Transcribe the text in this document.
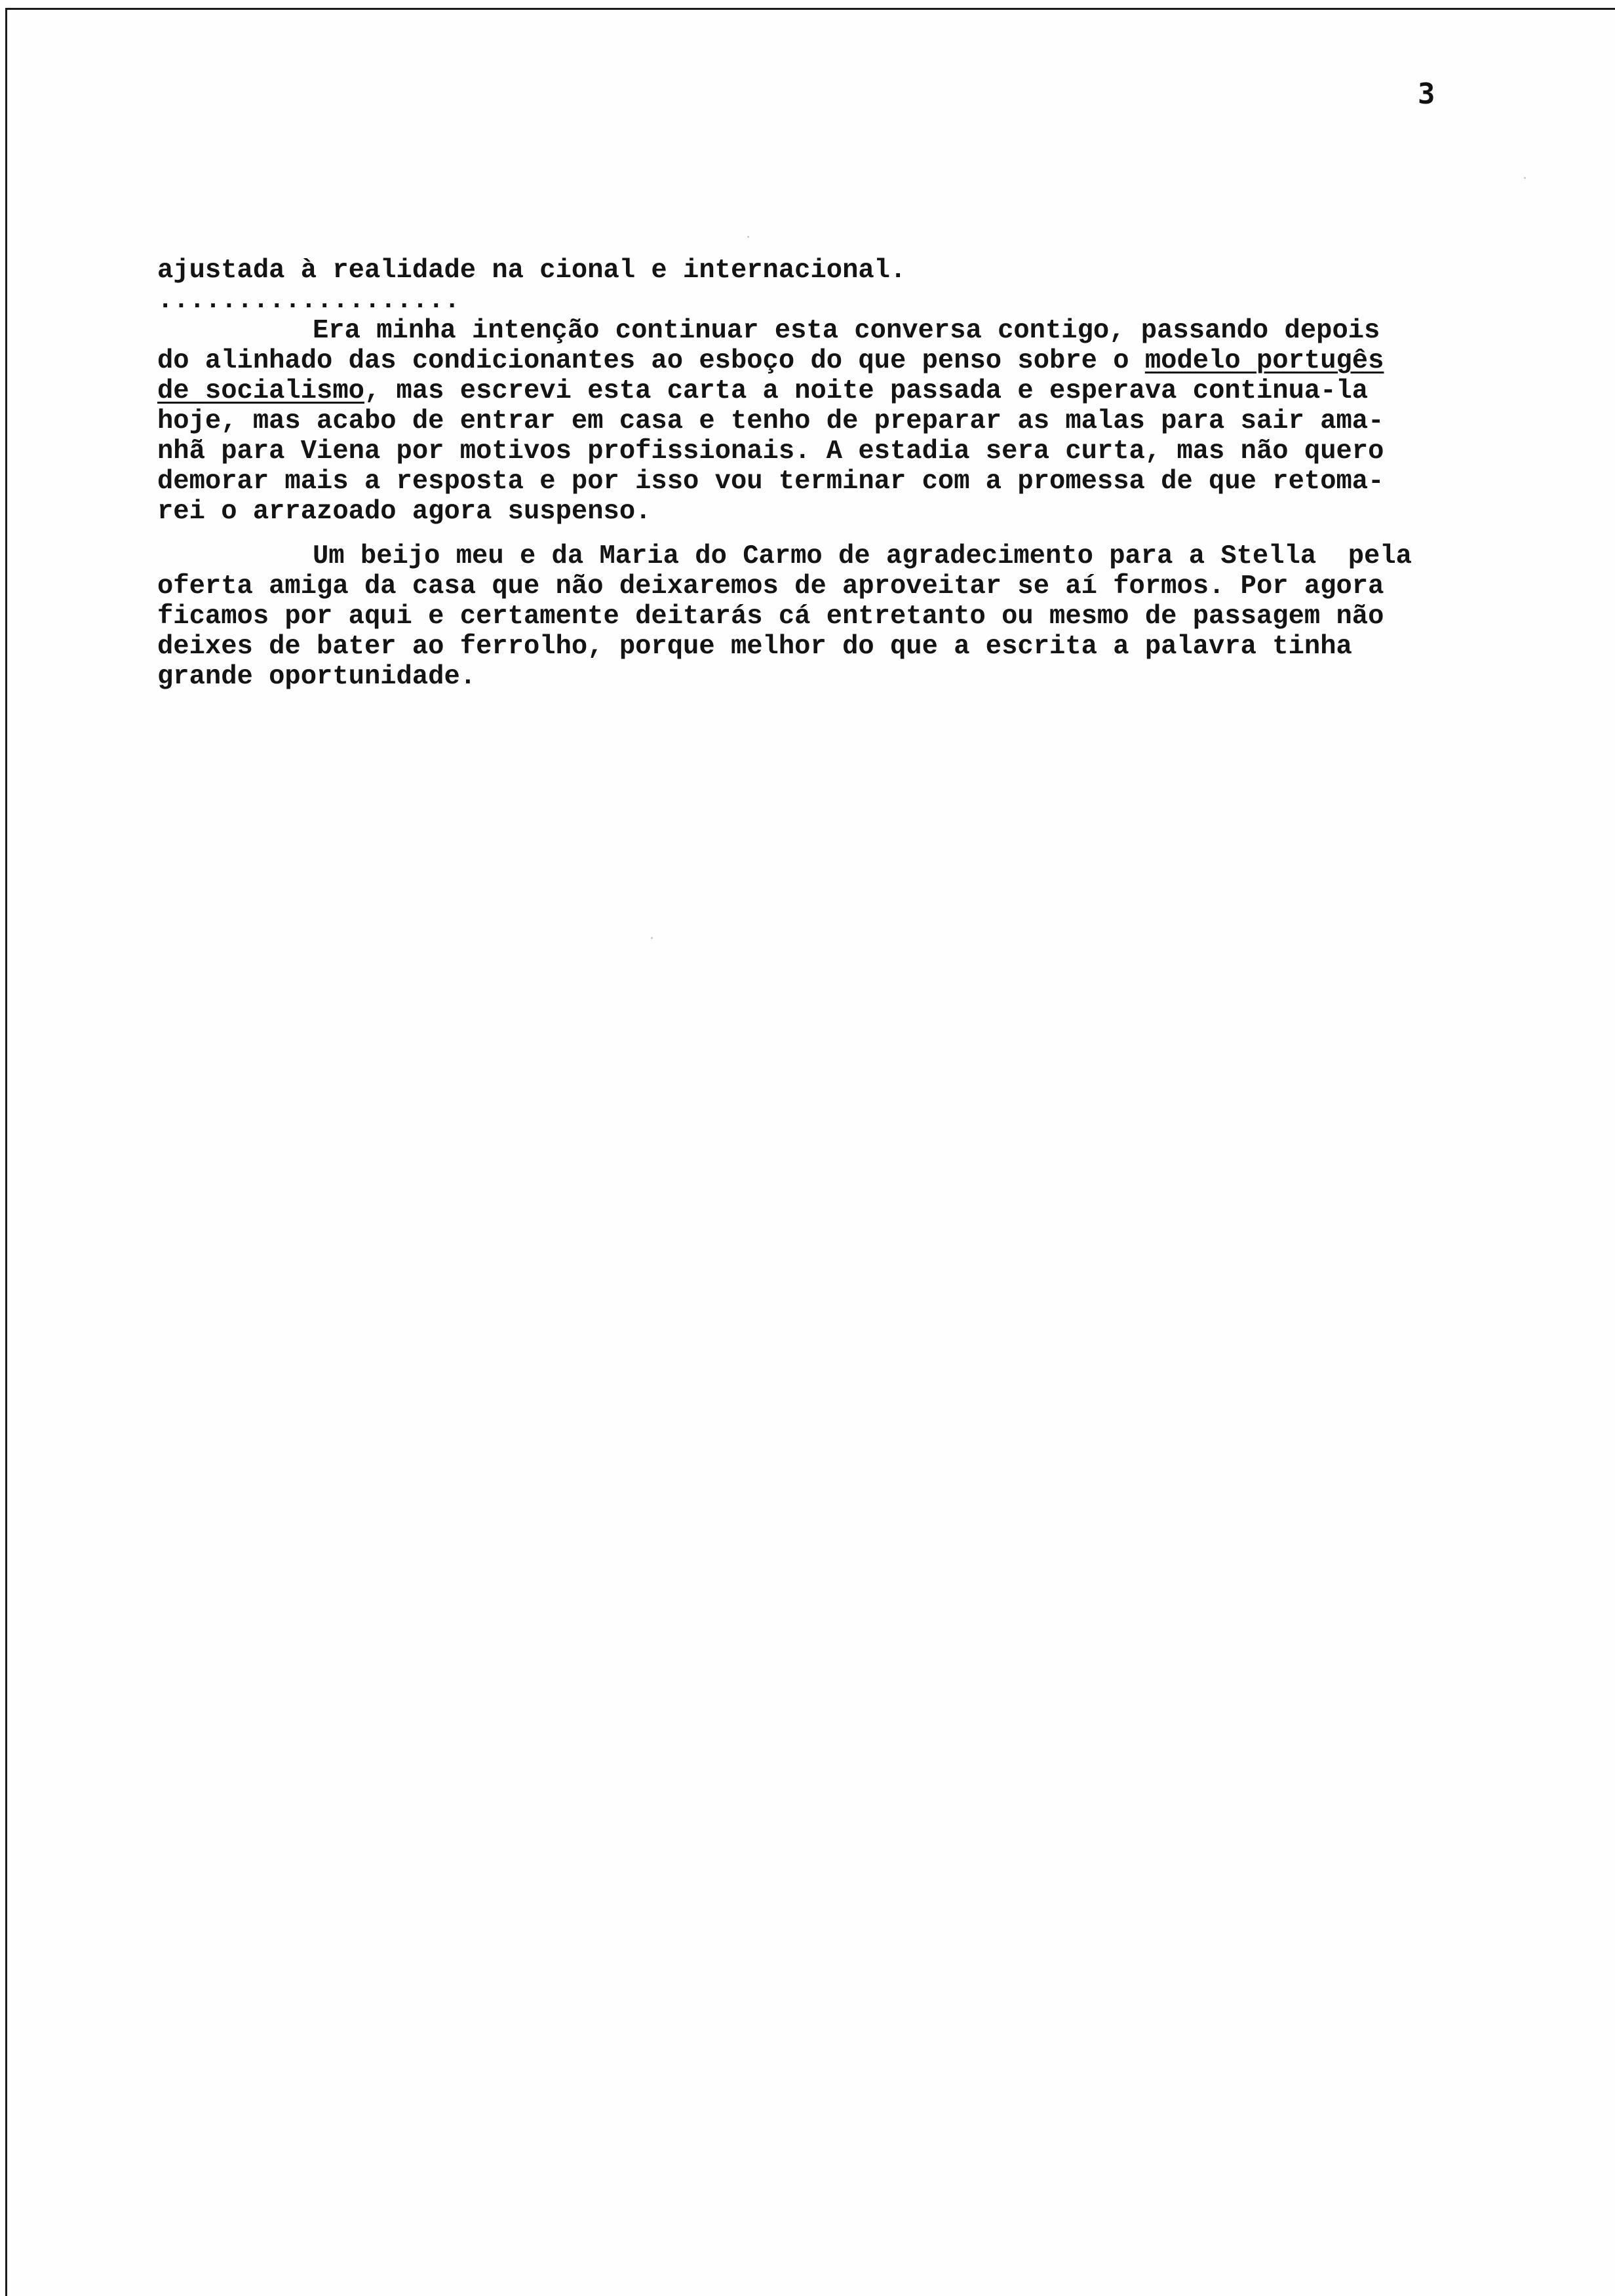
3
ajustada à realidade na cional e internacional.
...................
Era minha intenção continuar esta conversa contigo, passando depois
do alinhado das condicionantes ao esboço do que penso sobre o modelo portugês
de socialismo, mas escrevi esta carta a noite passada e esperava continua-la
hoje, mas acabo de entrar em casa e tenho de preparar as malas para sair ama-
nhã para Viena por motivos profissionais. A estadia sera curta, mas não quero
demorar mais a resposta e por isso vou terminar com a promessa de que retoma-
rei o arrazoado agora suspenso.
Um beijo meu e da Maria do Carmo de agradecimento para a Stella  pela
oferta amiga da casa que não deixaremos de aproveitar se aí formos. Por agora
ficamos por aqui e certamente deitarás cá entretanto ou mesmo de passagem não
deixes de bater ao ferrolho, porque melhor do que a escrita a palavra tinha
grande oportunidade.
